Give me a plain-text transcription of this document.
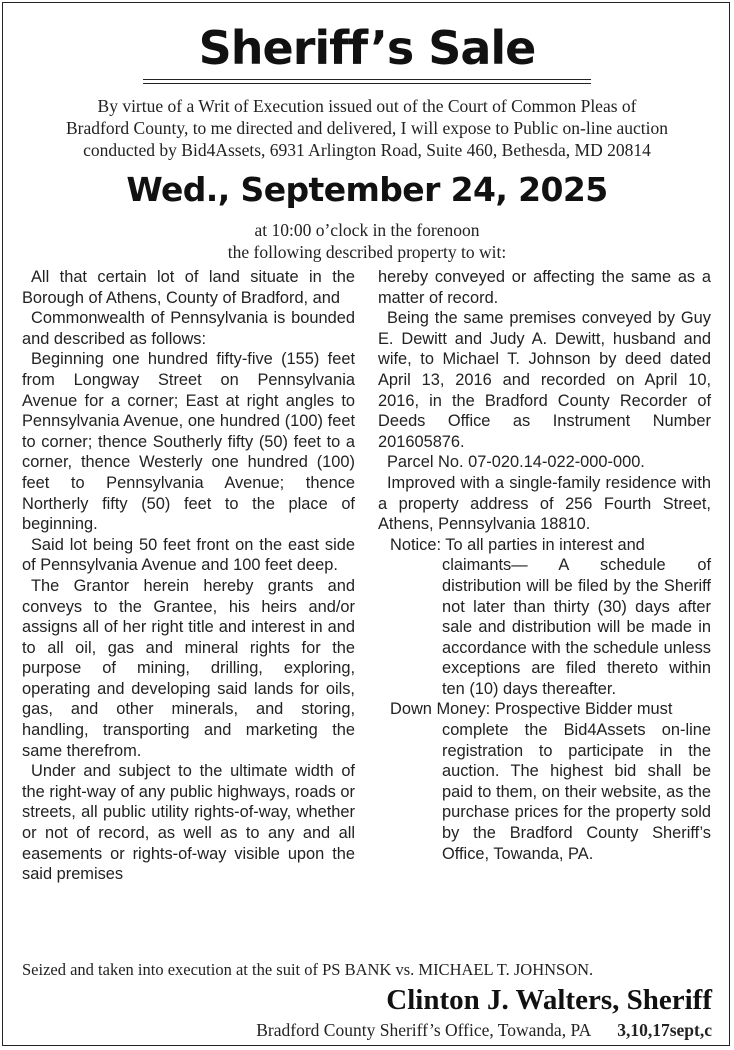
Sheriff’s Sale
By virtue of a Writ of Execution issued out of the Court of Common Pleas of
Bradford County, to me directed and delivered, I will expose to Public on-line auction
conducted by Bid4Assets, 6931 Arlington Road, Suite 460, Bethesda, MD 20814
Wed., September 24, 2025
at 10:00 o’clock in the forenoon
the following described property to wit:

All that certain lot of land situate in the Borough of Athens, County of Bradford, and

Commonwealth of Pennsylvania is bounded and described as follows:

Beginning one hundred fifty-five (155) feet from Longway Street on Pennsylvania Avenue for a corner; East at right angles to Pennsylvania Avenue, one hundred (100) feet to corner; thence Southerly fifty (50) feet to a corner, thence Westerly one hundred (100) feet to Pennsylvania Avenue; thence Northerly fifty (50) feet to the place of beginning.

Said lot being 50 feet front on the east side of Pennsylvania Avenue and 100 feet deep.

The Grantor herein hereby grants and conveys to the Grantee, his heirs and/or assigns all of her right title and interest in and to all oil, gas and mineral rights for the purpose of mining, drilling, exploring, operating and developing said lands for oils, gas, and other minerals, and storing, handling, transporting and marketing the same therefrom.

Under and subject to the ultimate width of the right-way of any public highways, roads or streets, all public utility rights-of-way, whether or not of record, as well as to any and all easements or rights-of-way visible upon the said premises

hereby conveyed or affecting the same as a matter of record.

Being the same premises conveyed by Guy E. Dewitt and Judy A. Dewitt, husband and wife, to Michael T. Johnson by deed dated April 13, 2016 and recorded on April 10, 2016, in the Bradford County Recorder of Deeds Office as Instrument Number 201605876.

Parcel No. 07-020.14-022-000-000.

Improved with a single-family residence with a property address of 256 Fourth Street, Athens, Pennsylvania 18810.

Notice: To all parties in interest and
claimants— A schedule of distribution will be filed by the Sheriff not later than thirty (30) days after sale and distribution will be made in accordance with the schedule unless exceptions are filed thereto within ten (10) days thereafter.
Down Money: Prospective Bidder must
complete the Bid4Assets on-line registration to participate in the auction. The highest bid shall be paid to them, on their website, as the purchase prices for the property sold by the Bradford County Sheriff’s Office, Towanda, PA.
Seized and taken into execution at the suit of PS BANK vs. MICHAEL T. JOHNSON.
Clinton J. Walters, Sheriff
Bradford County Sheriff’s Office, Towanda, PA 3,10,17sept,c
